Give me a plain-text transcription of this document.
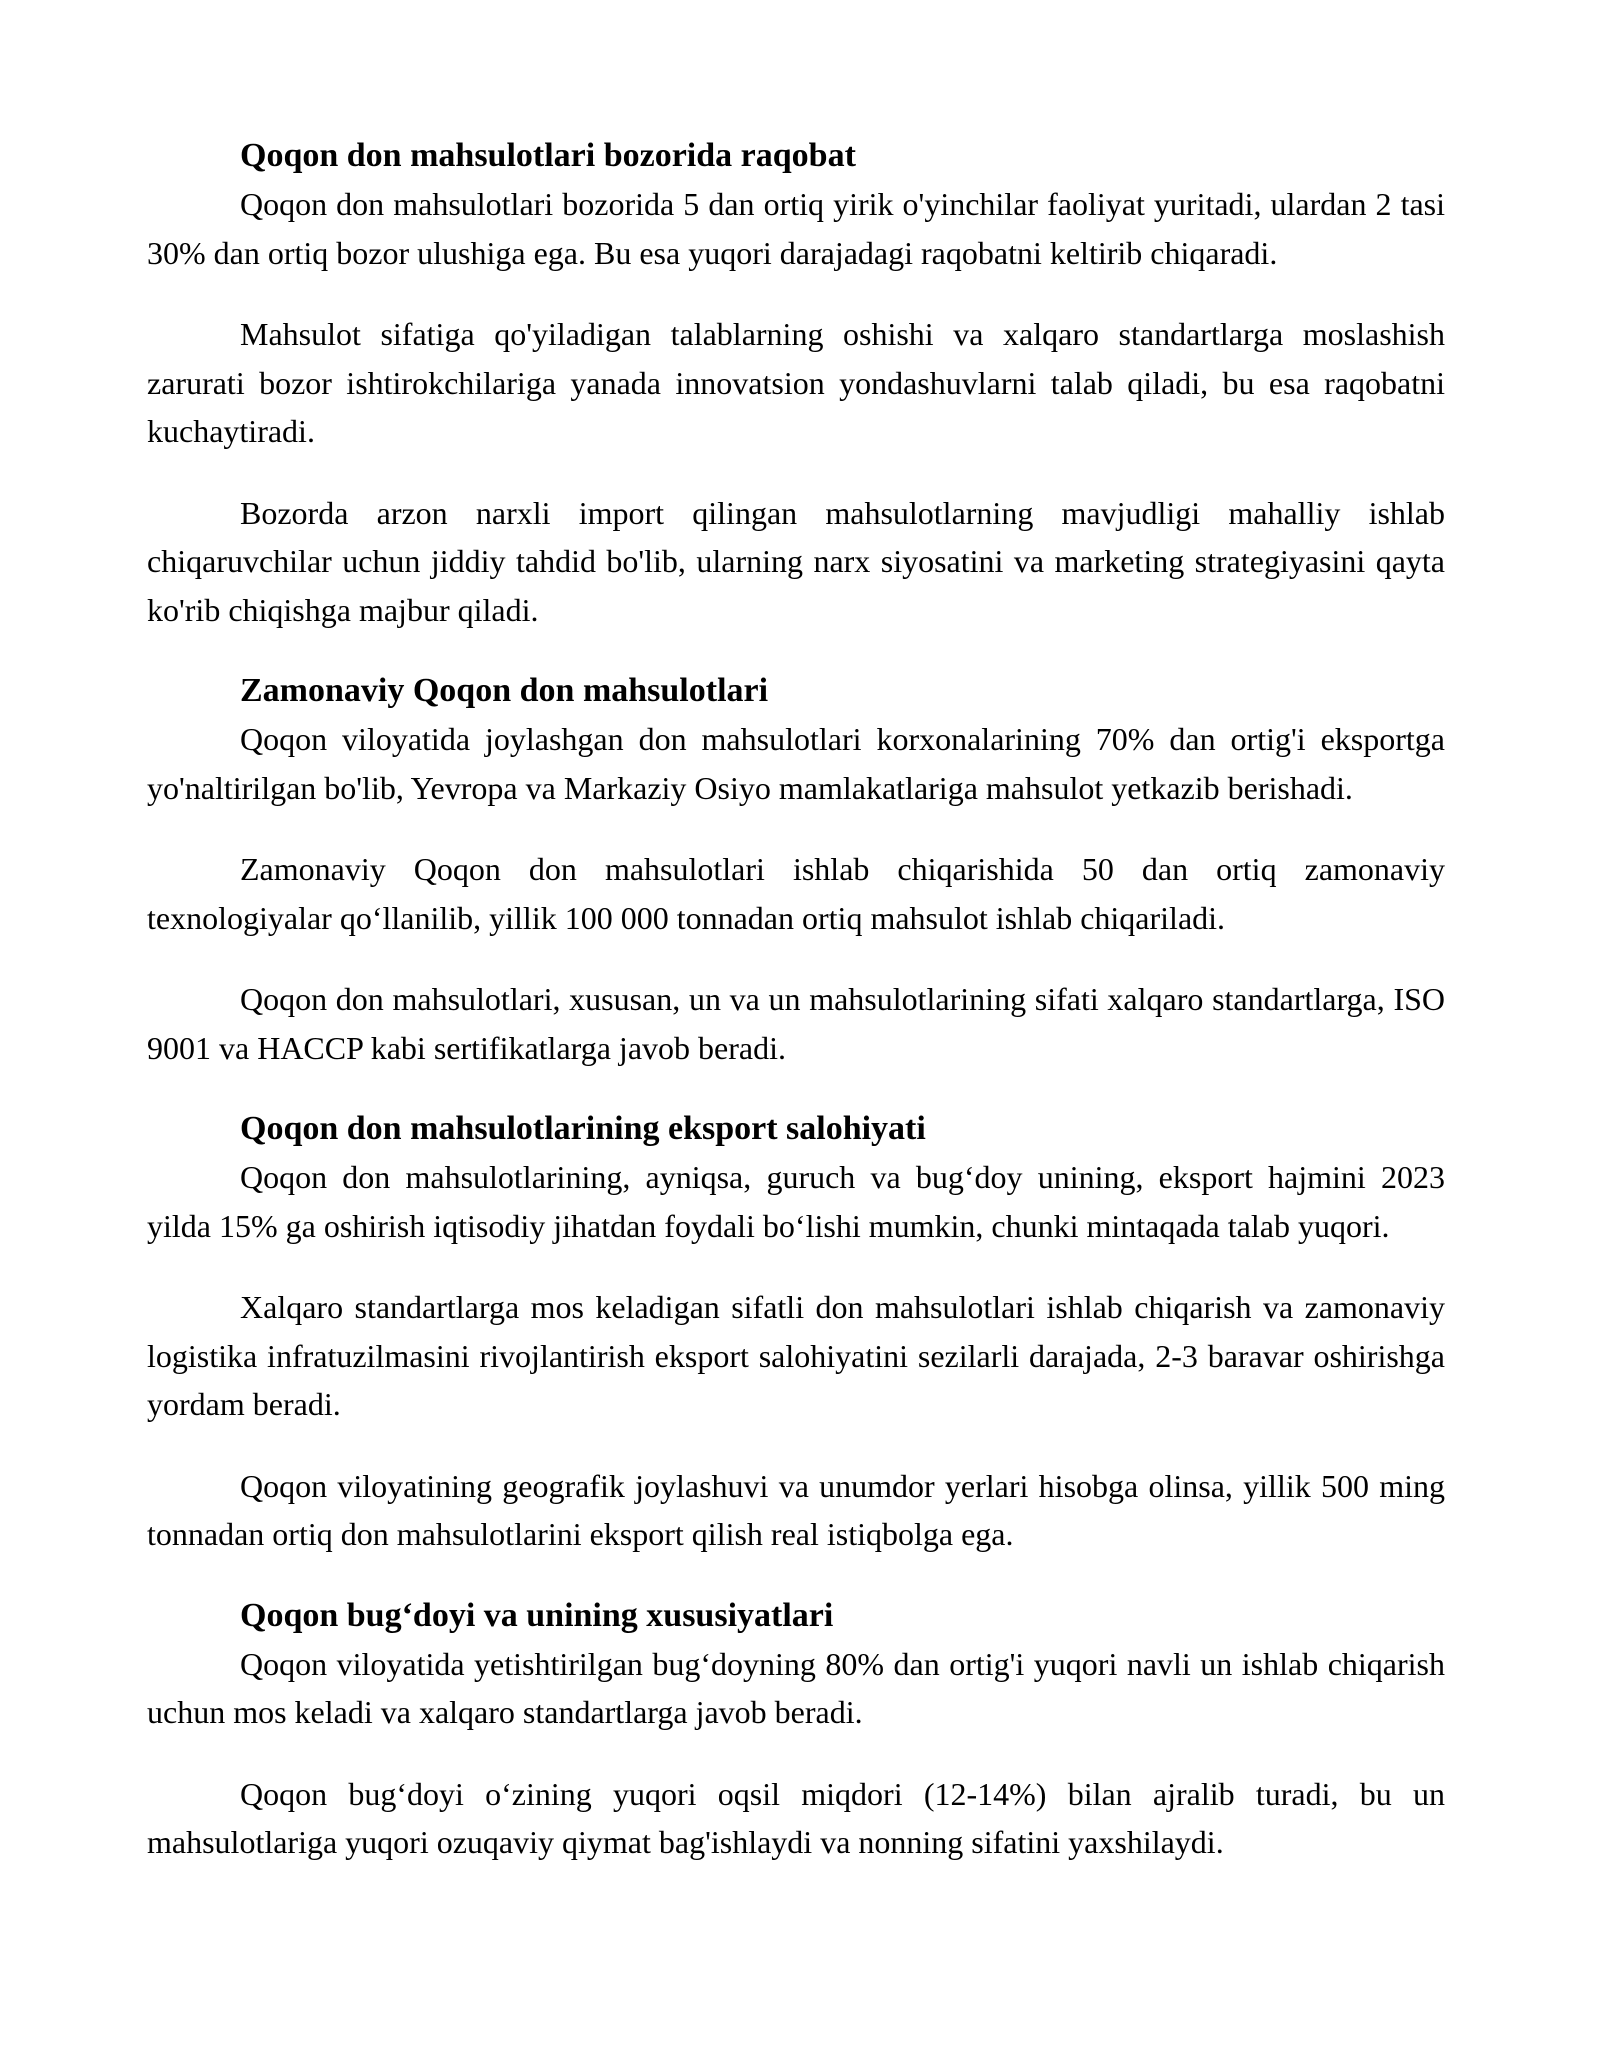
Qoqon don mahsulotlari bozorida raqobat

Qoqon don mahsulotlari bozorida 5 dan ortiq yirik o'yinchilar faoliyat yuritadi, ulardan 2 tasi 30% dan ortiq bozor ulushiga ega. Bu esa yuqori darajadagi raqobatni keltirib chiqaradi.

Mahsulot sifatiga qo'yiladigan talablarning oshishi va xalqaro standartlarga moslashish zarurati bozor ishtirokchilariga yanada innovatsion yondashuvlarni talab qiladi, bu esa raqobatni kuchaytiradi.

Bozorda arzon narxli import qilingan mahsulotlarning mavjudligi mahalliy ishlab chiqaruvchilar uchun jiddiy tahdid bo'lib, ularning narx siyosatini va marketing strategiyasini qayta ko'rib chiqishga majbur qiladi.

Zamonaviy Qoqon don mahsulotlari

Qoqon viloyatida joylashgan don mahsulotlari korxonalarining 70% dan ortig'i eksportga yo'naltirilgan bo'lib, Yevropa va Markaziy Osiyo mamlakatlariga mahsulot yetkazib berishadi.

Zamonaviy Qoqon don mahsulotlari ishlab chiqarishida 50 dan ortiq zamonaviy texnologiyalar qo‘llanilib, yillik 100 000 tonnadan ortiq mahsulot ishlab chiqariladi.

Qoqon don mahsulotlari, xususan, un va un mahsulotlarining sifati xalqaro standartlarga, ISO 9001 va HACCP kabi sertifikatlarga javob beradi.

Qoqon don mahsulotlarining eksport salohiyati

Qoqon don mahsulotlarining, ayniqsa, guruch va bug‘doy unining, eksport hajmini 2023 yilda 15% ga oshirish iqtisodiy jihatdan foydali bo‘lishi mumkin, chunki mintaqada talab yuqori.

Xalqaro standartlarga mos keladigan sifatli don mahsulotlari ishlab chiqarish va zamonaviy logistika infratuzilmasini rivojlantirish eksport salohiyatini sezilarli darajada, 2-3 baravar oshirishga yordam beradi.

Qoqon viloyatining geografik joylashuvi va unumdor yerlari hisobga olinsa, yillik 500 ming tonnadan ortiq don mahsulotlarini eksport qilish real istiqbolga ega.

Qoqon bug‘doyi va unining xususiyatlari

Qoqon viloyatida yetishtirilgan bug‘doyning 80% dan ortig'i yuqori navli un ishlab chiqarish uchun mos keladi va xalqaro standartlarga javob beradi.

Qoqon bug‘doyi o‘zining yuqori oqsil miqdori (12-14%) bilan ajralib turadi, bu un mahsulotlariga yuqori ozuqaviy qiymat bag'ishlaydi va nonning sifatini yaxshilaydi.
